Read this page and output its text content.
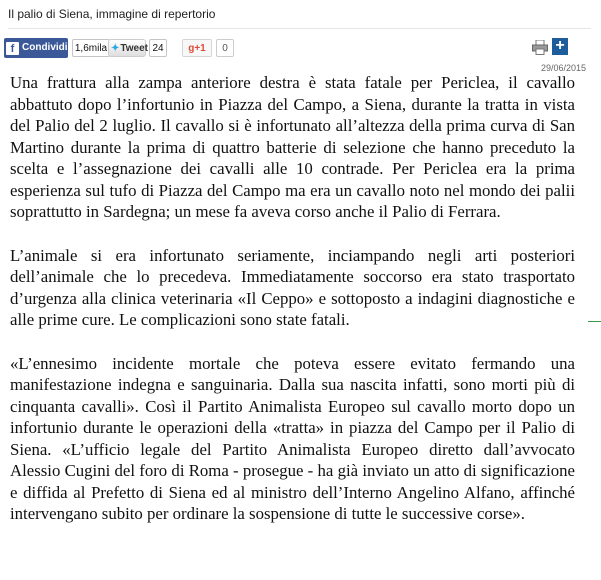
Il palio di Siena, immagine di repertorio
f Condividi 1,6mila ✦ Tweet 24	g+1	0	+
29/06/2015

Una frattura alla zampa anteriore destra è stata fatale per Periclea, il cavallo abbattuto dopo l’infortunio in Piazza del Campo, a Siena, durante la tratta in vista del Palio del 2 luglio. Il cavallo si è infortunato all’altezza della prima curva di San Martino durante la prima di quattro batterie di selezione che hanno preceduto la scelta e l’assegnazione dei cavalli alle 10 contrade. Per Periclea era la prima esperienza sul tufo di Piazza del Campo ma era un cavallo noto nel mondo dei palii soprattutto in Sardegna; un mese fa aveva corso anche il Palio di Ferrara.

L’animale si era infortunato seriamente, inciampando negli arti posteriori dell’animale che lo precedeva. Immediatamente soccorso era stato trasportato d’urgenza alla clinica veterinaria «Il Ceppo» e sottoposto a indagini diagnostiche e alle prime cure. Le complicazioni sono state fatali.

«L’ennesimo incidente mortale che poteva essere evitato fermando una manifestazione indegna e sanguinaria. Dalla sua nascita infatti, sono morti più di cinquanta cavalli». Così il Partito Animalista Europeo sul cavallo morto dopo un infortunio durante le operazioni della «tratta» in piazza del Campo per il Palio di Siena. «L’ufficio legale del Partito Animalista Europeo diretto dall’avvocato Alessio Cugini del foro di Roma - prosegue - ha già inviato un atto di significazione e diffida al Prefetto di Siena ed al ministro dell’Interno Angelino Alfano, affinché intervengano subito per ordinare la sospensione di tutte le successive corse».
